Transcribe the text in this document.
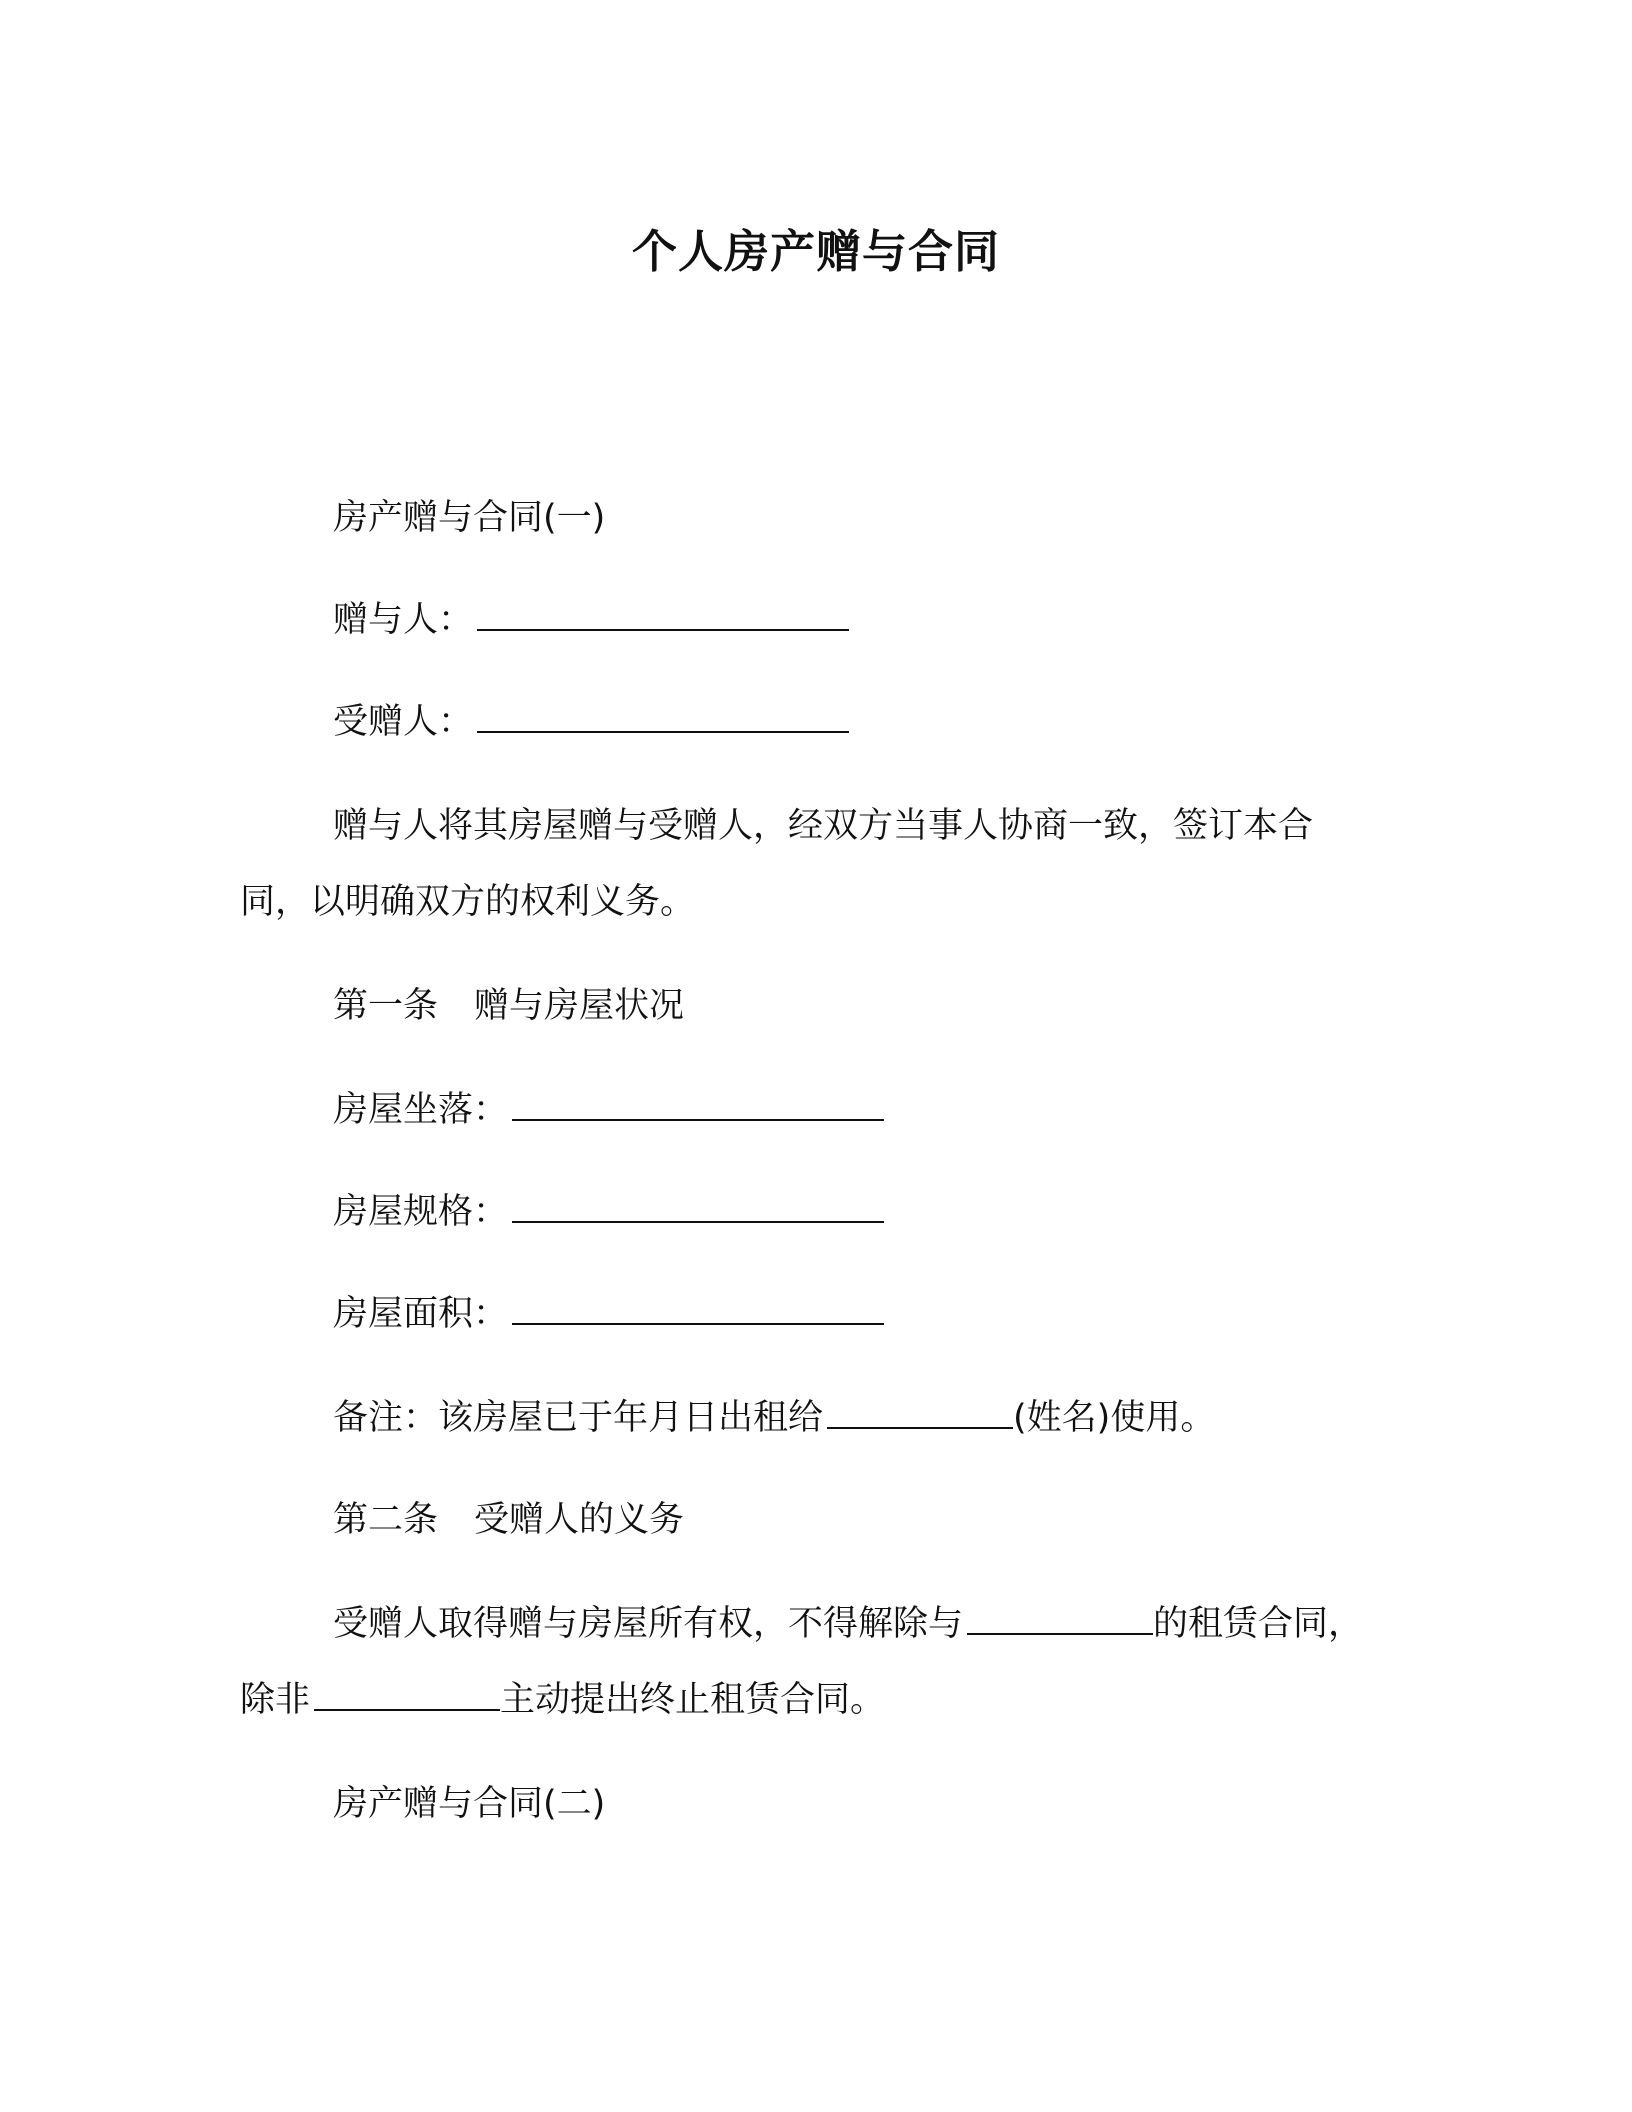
个人房产赠与合同
房产赠与合同(一)
赠与人：
受赠人：
赠与人将其房屋赠与受赠人，经双方当事人协商一致，签订本合
同，以明确双方的权利义务。
第一条 赠与房屋状况
房屋坐落：
房屋规格：
房屋面积：
备注：该房屋已于年月日出租给	(姓名)使用。
第二条 受赠人的义务
受赠人取得赠与房屋所有权，不得解除与	的租赁合同，
除非	主动提出终止租赁合同。
房产赠与合同(二)
